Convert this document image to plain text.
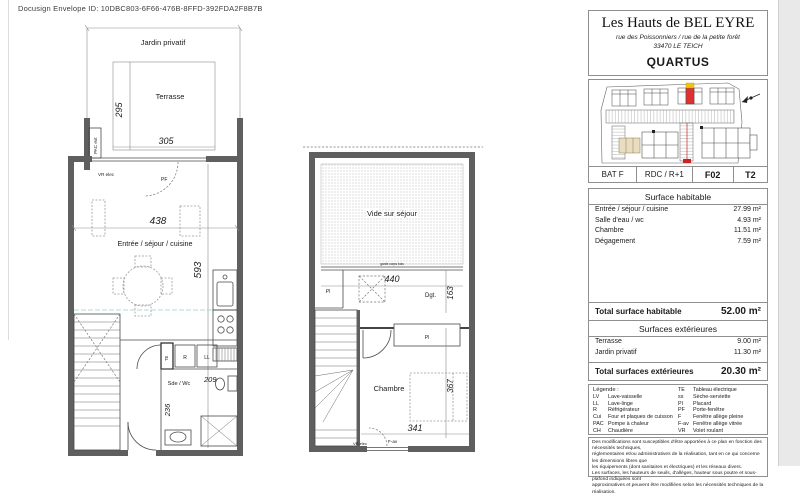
Docusign Envelope ID: 10DBC803-6F66-476B-8FFD-392FDA2F8B7B
Jardin privatif
Terrasse
295
305
PAC ext
VR elec
PF
438
Entrée / séjour / cuisine
593
TE	R	LL
Sde / Wc 209
236
Vide sur séjour
garde corps bois
440
Pl
Dgt. 163
Pl
Chambre	367
341
F-av
VR elec
Les Hauts de BEL EYRE
rue des Poissonniers / rue de la petite forêt
33470 LE TEICH
QUARTUS
BAT F	RDC / R+1	F02	T2
Surface habitable
Entrée / séjour / cuisine	27.99 m²
Salle d'eau / wc	4.93 m²
Chambre	11.51 m²
Dégagement	7.59 m²
Total surface habitable	52.00 m²
Surfaces extérieures
Terrasse	9.00 m²
Jardin privatif	11.30 m²
Total surfaces extérieures	20.30 m²
Légende :
LV	Lave-vaisselle
LL	Lave-linge
R	Réfrigérateur
Cui	Four et plaques de cuisson
PAC Pompe à chaleur
CH	Chaudière
TE	Tableau électrique
ss	Sèche-serviette
Pl	Placard
PF	Porte-fenêtre
F	Fenêtre allège pleine
F-av Fenêtre allège vitrée
VR	Volet roulant
Des modifications sont susceptibles d'être apportées à ce plan en fonction des nécessités techniques,
réglementaires et/ou administratives de la réalisation, tant en ce qui concerne les dimensions libres que
les équipements (dont sanitaires et électriques) et les réseaux divers.
Les surfaces, les hauteurs de seuils, d'allèges, hauteur sous poutre et sous-plafond indiquées sont
approximatives et peuvent être modifiées selon les nécessités techniques de la réalisation.
